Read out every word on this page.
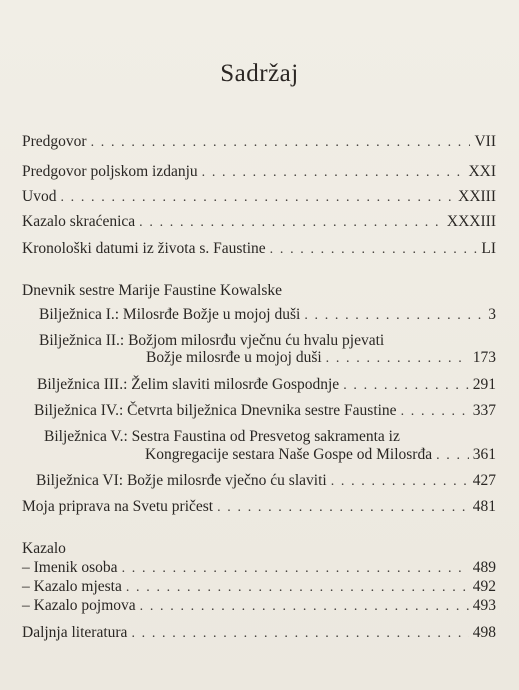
Sadržaj
Predgovor . . .	VII
Predgovor poljskom izdanju . . .	XXI
Uvod . . .	XXIII
Kazalo skraćenica . . .	XXXIII
Kronološki datumi iz života s. Faustine . . .	LI
Dnevnik sestre Marije Faustine Kowalske
Bilježnica I.: Milosrđe Božje u mojoj duši . . .	3
Bilježnica II.: Božjom milosrđu vječnu ću hvalu pjevati
Božje milosrđe u mojoj duši . . .	173
Bilježnica III.: Želim slaviti milosrđe Gospodnje . . .	291
Bilježnica IV.: Četvrta bilježnica Dnevnika sestre Faustine . . .	337
Bilježnica V.: Sestra Faustina od Presvetog sakramenta iz
Kongregacije sestara Naše Gospe od Milosrđa . . .	361
Bilježnica VI: Božje milosrđe vječno ću slaviti . . .	427
Moja priprava na Svetu pričest . . .	481
Kazalo
– Imenik osoba . . .	489
– Kazalo mjesta . . .	492
– Kazalo pojmova . . .	493
Daljnja literatura . . .	498
